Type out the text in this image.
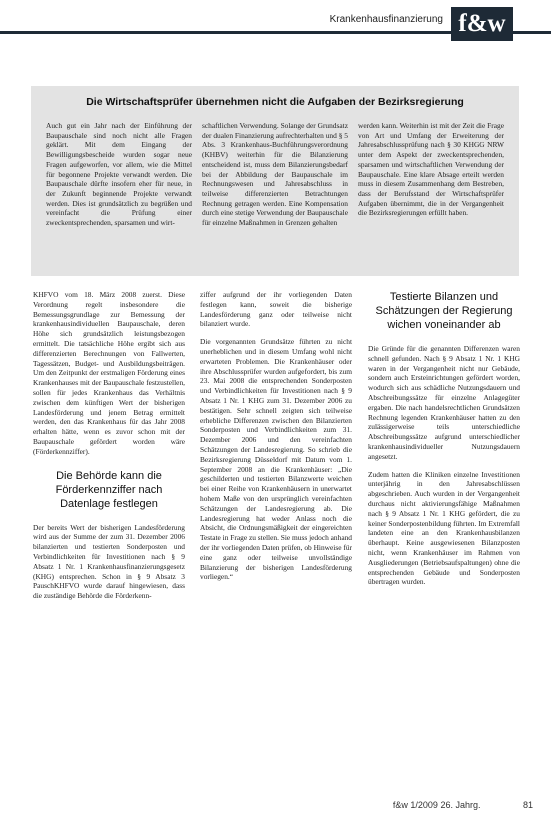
Krankenhausfinanzierung f&w
Die Wirtschaftsprüfer übernehmen nicht die Aufgaben der Bezirksregierung
Auch gut ein Jahr nach der Einführung der Baupauschale sind noch nicht alle Fragen geklärt. Mit dem Eingang der Bewilligungsbescheide wurden sogar neue Fragen aufgeworfen, vor allem, wie die Mittel für begonnene Projekte verwandt werden. Die Baupauschale dürfte insofern eher für neue, in der Zukunft beginnende Projekte verwandt werden. Dies ist grundsätzlich zu begrüßen und vereinfacht die Prüfung einer zweckentsprechenden, sparsamen und wirt-
schaftlichen Verwendung. Solange der Grundsatz der dualen Finanzierung aufrechterhalten und § 5 Abs. 3 Krankenhaus-Buchführungsverordnung (KHBV) weiterhin für die Bilanzierung entscheidend ist, muss dem Bilanzierungsbedarf bei der Abbildung der Baupauschale im Rechnungswesen und Jahresabschluss in teilweise differenzierten Betrachtungen Rechnung getragen werden. Eine Kompensation durch eine stetige Verwendung der Baupauschale für einzelne Maßnahmen in Grenzen gehalten
werden kann. Weiterhin ist mit der Zeit die Frage von Art und Umfang der Erweiterung der Jahresabschlussprüfung nach § 30 KHGG NRW unter dem Aspekt der zweckentsprechenden, sparsamen und wirtschaftlichen Verwendung der Baupauschale. Eine klare Absage erteilt werden muss in diesem Zusammenhang dem Bestreben, dass der Berufsstand der Wirtschaftsprüfer Aufgaben übernimmt, die in der Vergangenheit die Bezirksregierungen erfüllt haben.

KHFVO vom 18. März 2008 zuerst. Diese Verordnung regelt insbesondere die Bemessungsgrundlage zur Bemessung der krankenhausindividuellen Baupauschale, deren Höhe sich grundsätzlich leistungsbezogen ermittelt. Die tatsächliche Höhe ergibt sich aus differenzierten Berechnungen von Fallwerten, Tagessätzen, Budget- und Ausbildungsbeiträgen. Um den Zeitpunkt der erstmaligen Förderung eines Krankenhauses mit der Baupauschale festzustellen, sollen für jedes Krankenhaus das Verhältnis zwischen dem künftigen Wert der bisherigen Landesförderung und jenem Betrag ermittelt werden, den das Krankenhaus für das Jahr 2008 erhalten hätte, wenn es zuvor schon mit der Baupauschale gefördert worden wäre (Förderkennziffer).

Die Behörde kann die Förderkennziffer nach Datenlage festlegen

Der bereits Wert der bisherigen Landesförderung wird aus der Summe der zum 31. Dezember 2006 bilanzierten und testierten Sonderposten und Verbindlichkeiten für Investitionen nach § 9 Absatz 1 Nr. 1 Krankenhausfinanzierungsgesetz (KHG) entsprechen. Schon in § 9 Absatz 3 PauschKHFVO wurde darauf hingewiesen, dass die zuständige Behörde die Förderkenn-

ziffer aufgrund der ihr vorliegenden Daten festlegen kann, soweit die bisherige Landesförderung ganz oder teilweise nicht bilanziert wurde.

Die vorgenannten Grundsätze führten zu nicht unerheblichen und in diesem Umfang wohl nicht erwarteten Problemen. Die Krankenhäuser oder ihre Abschlussprüfer wurden aufgefordert, bis zum 23. Mai 2008 die entsprechenden Sonderposten und Verbindlichkeiten für Investitionen nach § 9 Absatz 1 Nr. 1 KHG zum 31. Dezember 2006 zu bestätigen. Sehr schnell zeigten sich teilweise erhebliche Differenzen zwischen den Bilanzierten Sonderposten und Verbindlichkeiten zum 31. Dezember 2006 und den vereinfachten Schätzungen der Landesregierung. So schrieb die Bezirksregierung Düsseldorf mit Datum vom 1. September 2008 an die Krankenhäuser: „Die geschilderten und testierten Bilanzwerte weichen bei einer Reihe von Krankenhäusern in unerwartet hohem Maße von den ursprünglich vereinfachten Schätzungen der Landesregierung ab. Die Landesregierung hat weder Anlass noch die Absicht, die Ordnungsmäßigkeit der eingereichten Testate in Frage zu stellen. Sie muss jedoch anhand der ihr vorliegenden Daten prüfen, ob Hinweise für eine ganz oder teilweise unvollständige Bilanzierung der bisherigen Landesförderung vorliegen.“

Testierte Bilanzen und Schätzungen der Regierung wichen voneinander ab

Die Gründe für die genannten Differenzen waren schnell gefunden. Nach § 9 Absatz 1 Nr. 1 KHG waren in der Vergangenheit nicht nur Gebäude, sondern auch Ersteinrichtungen gefördert worden, wodurch sich aus schädliche Nutzungsdauern und Abschreibungssätze für einzelne Anlagegüter ergaben. Die nach handelsrechtlichen Grundsätzen Rechnung legenden Krankenhäuser hatten zu den zulässigerweise teils unterschiedliche Abschreibungssätze aufgrund unterschiedlicher krankenhausindividueller Nutzungsdauern angesetzt.

Zudem hatten die Kliniken einzelne Investitionen unterjährig in den Jahresabschlüssen abgeschrieben. Auch wurden in der Vergangenheit durchaus nicht aktivierungsfähige Maßnahmen nach § 9 Absatz 1 Nr. 1 KHG gefördert, die zu keiner Sonderpostenbildung führten. Im Extremfall landeten eine an den Krankenhausbilanzen überhaupt. Keine ausgewiesenen Bilanzposten nicht, wenn Krankenhäuser im Rahmen von Ausgliederungen (Betriebsaufspaltungen) ohne die entsprechenden Gebäude und Sonderposten übertragen wurden.

f&w 1/2009 26. Jahrg.	81
